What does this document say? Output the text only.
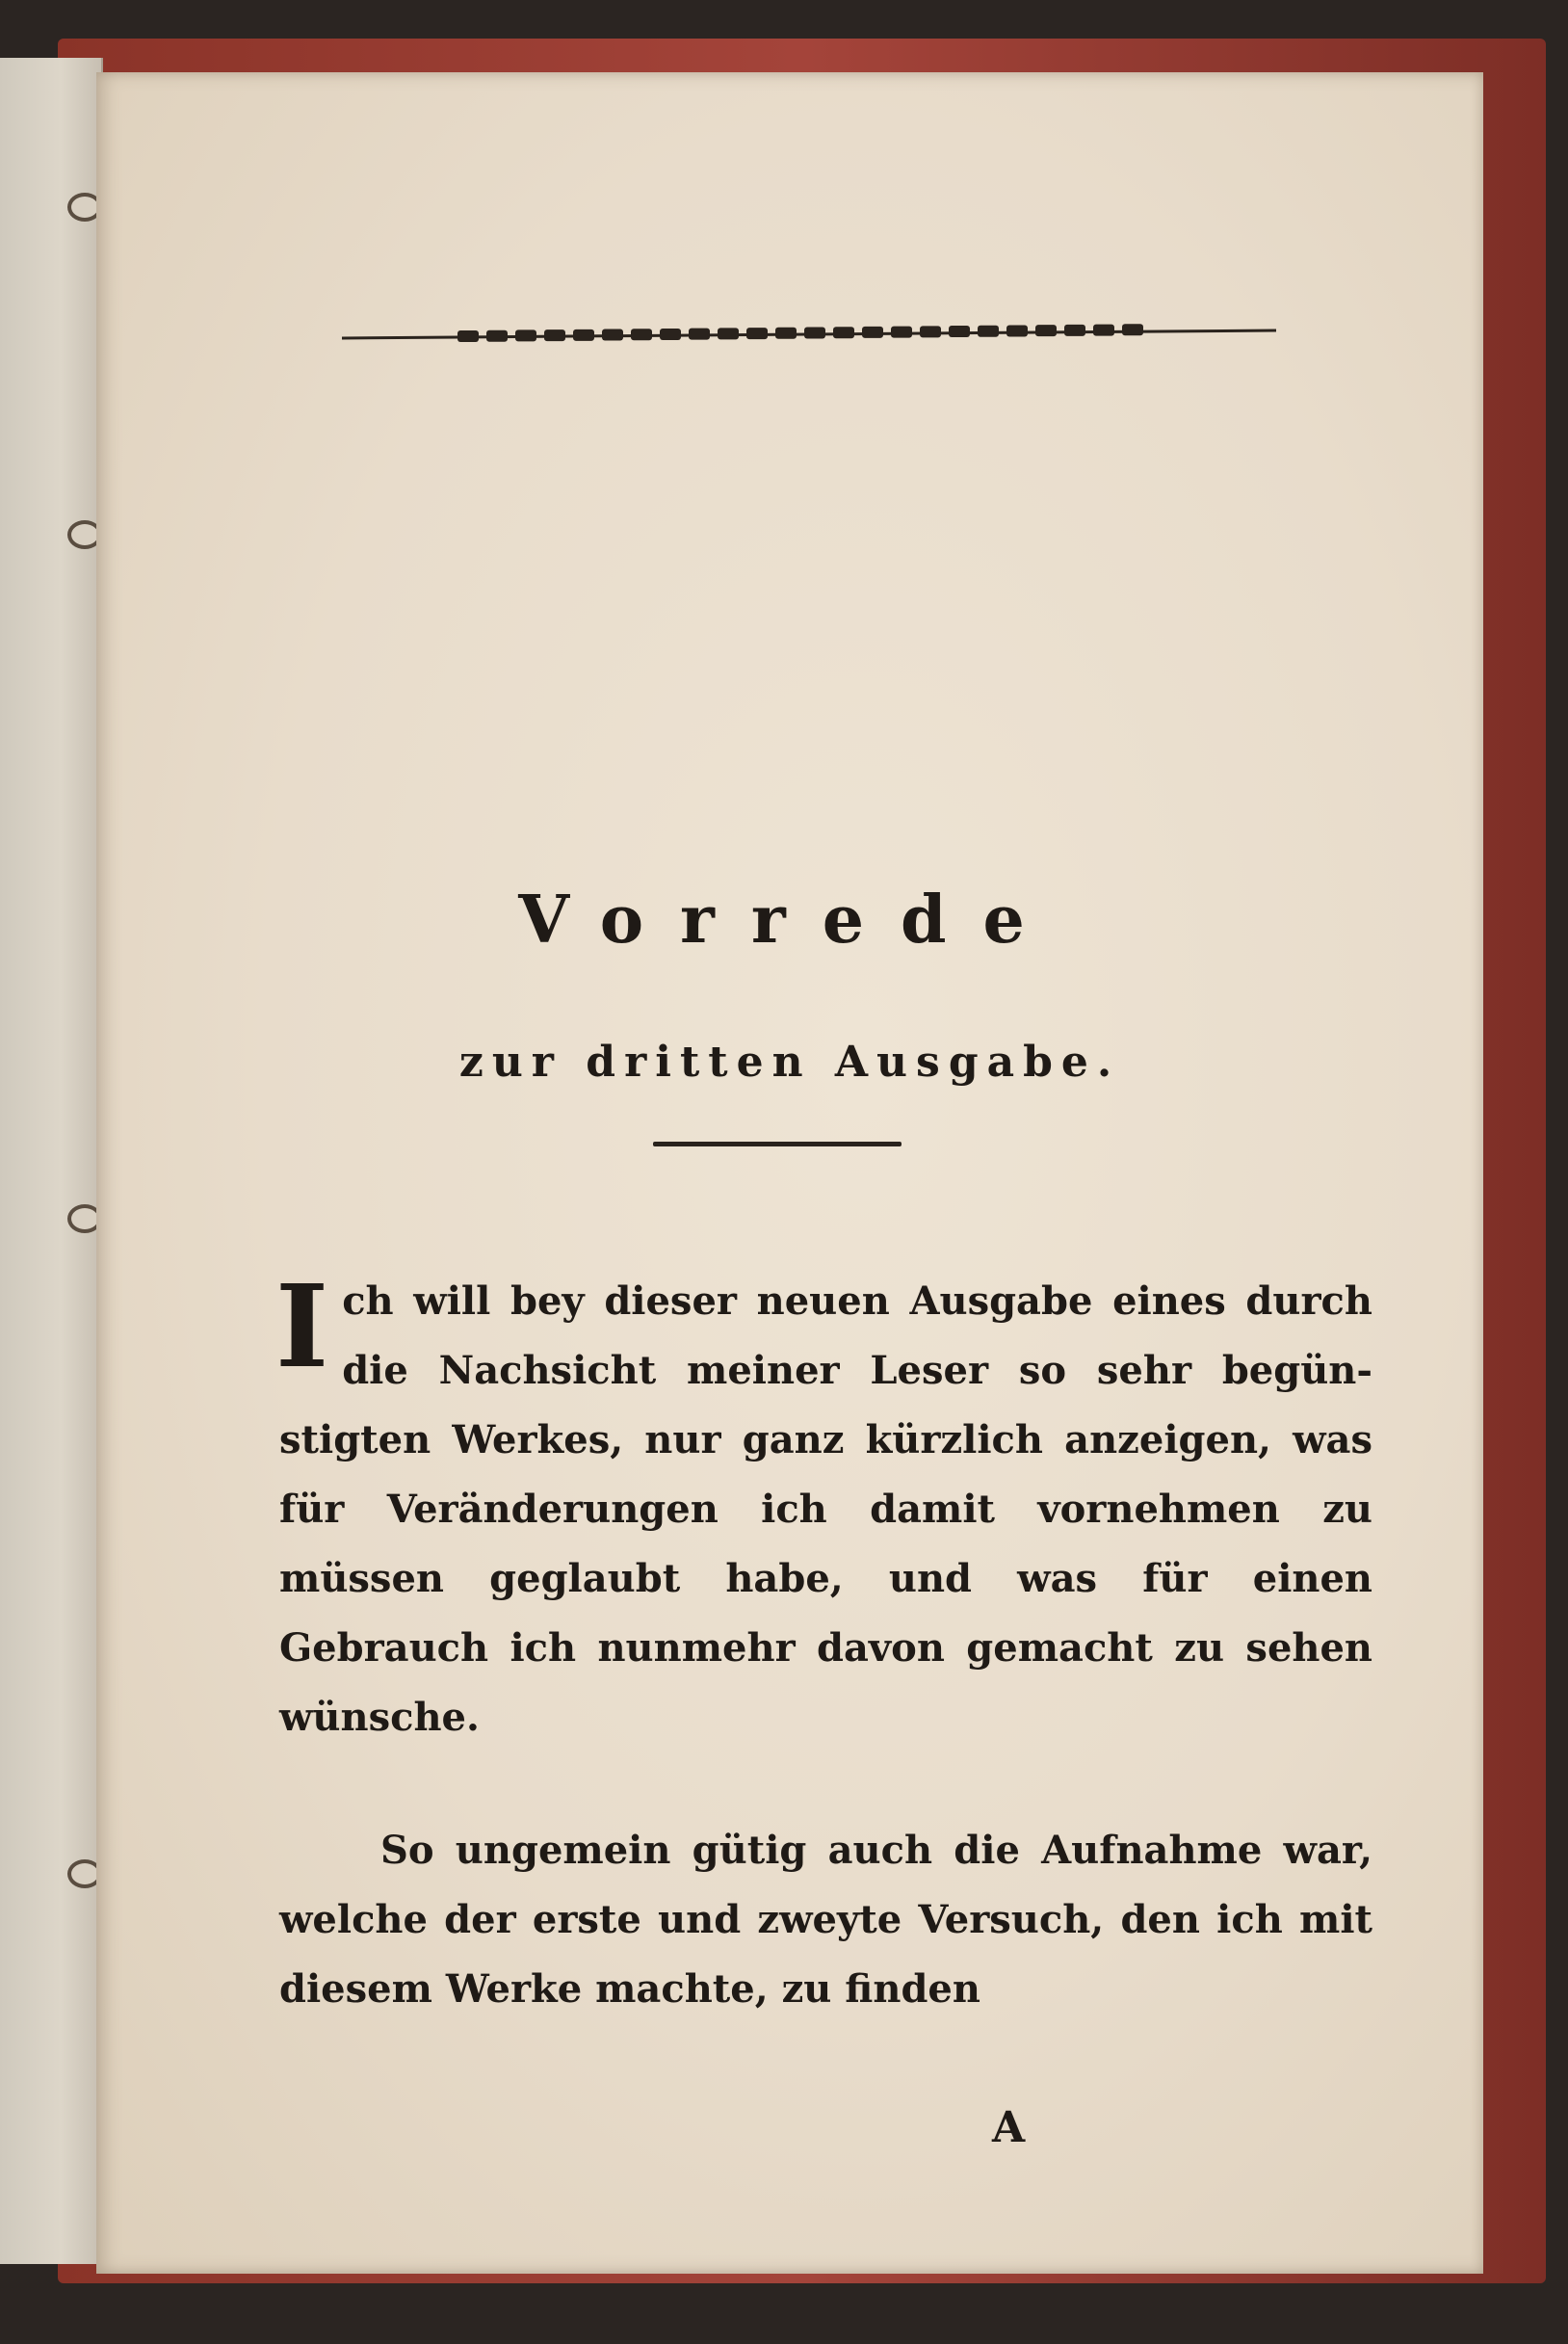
Vorrede
zur dritten Ausgabe.

Ich will bey dieser neuen Ausgabe eines durch die Nachsicht meiner Leser so sehr begünstigten Werkes, nur ganz kürzlich anzeigen, was für Veränderungen ich damit vornehmen zu müssen geglaubt habe, und was für einen Gebrauch ich nunmehr davon gemacht zu sehen wünsche.

So ungemein gütig auch die Aufnahme war, welche der erste und zweyte Versuch, den ich mit diesem Werke machte, zu finden

A
